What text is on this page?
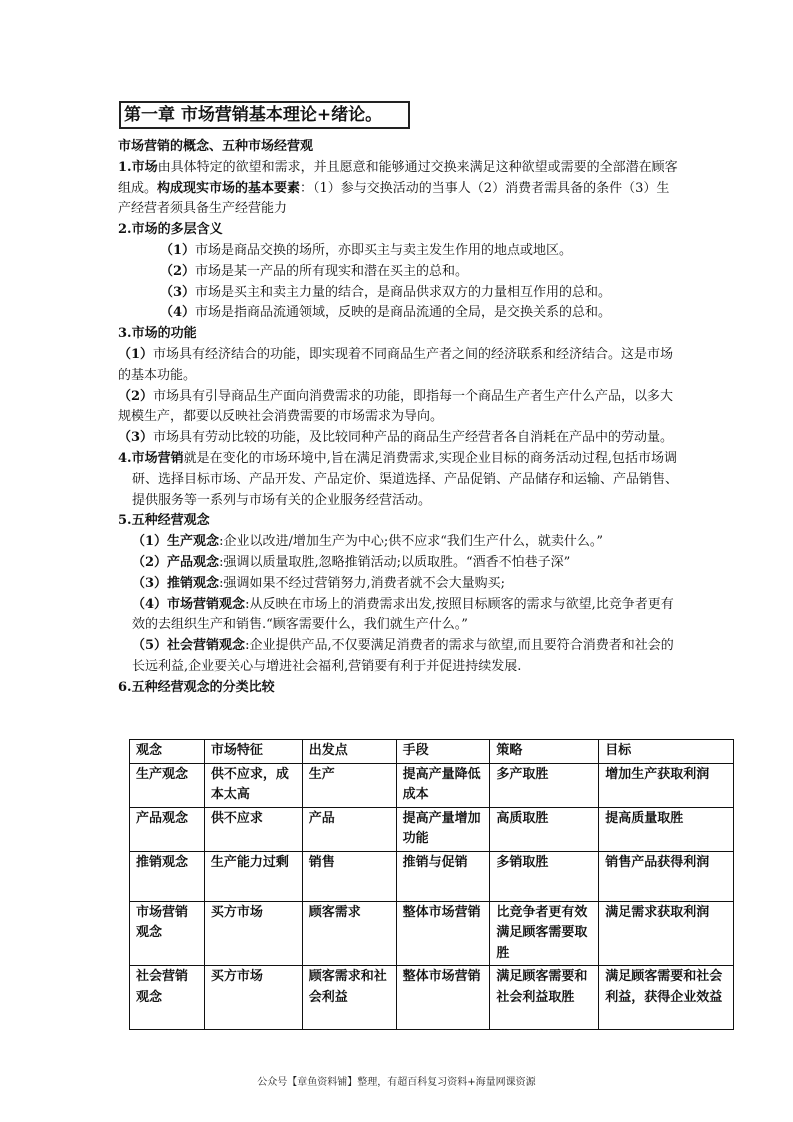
第一章 市场营销基本理论+绪论。

市场营销的概念、五种市场经营观

1.市场由具体特定的欲望和需求，并且愿意和能够通过交换来满足这种欲望或需要的全部潜在顾客组成。构成现实市场的基本要素：（1）参与交换活动的当事人（2）消费者需具备的条件（3）生产经营者须具备生产经营能力

2.市场的多层含义

（1）市场是商品交换的场所，亦即买主与卖主发生作用的地点或地区。

（2）市场是某一产品的所有现实和潜在买主的总和。

（3）市场是买主和卖主力量的结合，是商品供求双方的力量相互作用的总和。

（4）市场是指商品流通领域，反映的是商品流通的全局，是交换关系的总和。

3.市场的功能

（1）市场具有经济结合的功能，即实现着不同商品生产者之间的经济联系和经济结合。这是市场的基本功能。

（2）市场具有引导商品生产面向消费需求的功能，即指每一个商品生产者生产什么产品，以多大规模生产，都要以反映社会消费需要的市场需求为导向。

（3）市场具有劳动比较的功能，及比较同种产品的商品生产经营者各自消耗在产品中的劳动量。

4.市场营销就是在变化的市场环境中,旨在满足消费需求,实现企业目标的商务活动过程,包括市场调研、选择目标市场、产品开发、产品定价、渠道选择、产品促销、产品储存和运输、产品销售、提供服务等一系列与市场有关的企业服务经营活动。

5.五种经营观念

（1）生产观念:企业以改进/增加生产为中心;供不应求“我们生产什么，就卖什么。”

（2）产品观念:强调以质量取胜,忽略推销活动;以质取胜。“酒香不怕巷子深”

（3）推销观念:强调如果不经过营销努力,消费者就不会大量购买;

（4）市场营销观念:从反映在市场上的消费需求出发,按照目标顾客的需求与欲望,比竞争者更有效的去组织生产和销售.“顾客需要什么，我们就生产什么。”

（5）社会营销观念:企业提供产品,不仅要满足消费者的需求与欲望,而且要符合消费者和社会的长远利益,企业要关心与增进社会福利,营销要有利于并促进持续发展.

6.五种经营观念的分类比较

观念	市场特征	出发点	手段	策略	目标
生产观念	供不应求，成本太高	生产	提高产量降低成本	多产取胜	增加生产获取利润
产品观念	供不应求	产品	提高产量增加功能	高质取胜	提高质量取胜
推销观念	生产能力过剩	销售	推销与促销	多销取胜	销售产品获得利润
市场营销观念	买方市场	顾客需求	整体市场营销	比竞争者更有效满足顾客需要取胜	满足需求获取利润
社会营销观念	买方市场	顾客需求和社会利益	整体市场营销	满足顾客需要和社会利益取胜	满足顾客需要和社会利益，获得企业效益
公众号【章鱼资料铺】整理，有超百科复习资料+海量网课资源
